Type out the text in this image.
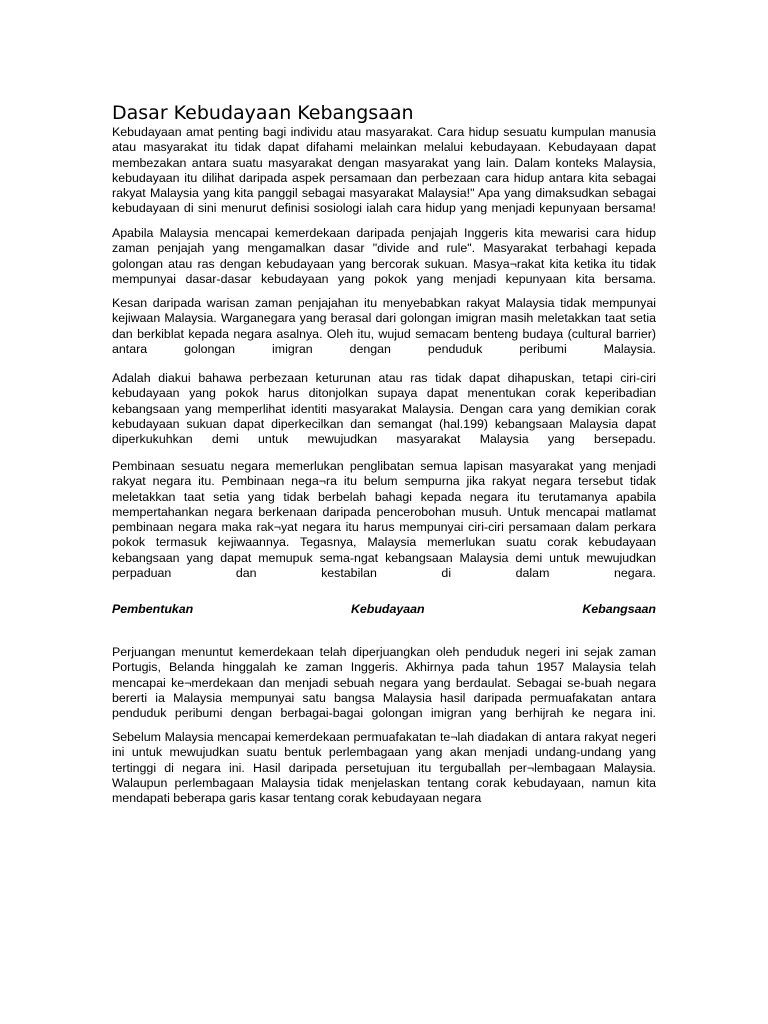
Dasar Kebudayaan Kebangsaan

Kebudayaan amat penting bagi individu atau masyarakat. Cara hidup sesuatu kumpulan manusia atau masyarakat itu tidak dapat difahami melainkan melalui kebudayaan. Kebudayaan dapat membezakan antara suatu masyarakat dengan masyarakat yang lain. Dalam konteks Malaysia, kebudayaan itu dilihat daripada aspek persamaan dan perbezaan cara hidup antara kita sebagai rakyat Malaysia yang kita panggil sebagai masyarakat Malaysia!" Apa yang dimaksudkan sebagai kebudayaan di sini menurut definisi sosiologi ialah cara hidup yang menjadi kepunyaan bersama!

Apabila Malaysia mencapai kemerdekaan daripada penjajah Inggeris kita mewarisi cara hidup zaman penjajah yang mengamalkan dasar "divide and rule". Masyarakat terbahagi kepada golongan atau ras dengan kebudayaan yang bercorak sukuan. Masya¬rakat kita ketika itu tidak mempunyai dasar-dasar kebudayaan yang pokok yang menjadi kepunyaan kita bersama.

Kesan daripada warisan zaman penjajahan itu menyebabkan rakyat Malaysia tidak mempunyai kejiwaan Malaysia. Warganegara yang berasal dari golongan imigran masih meletakkan taat setia dan berkiblat kepada negara asalnya. Oleh itu, wujud semacam benteng budaya (cultural barrier) antara golongan imigran dengan penduduk peribumi Malaysia.

Adalah diakui bahawa perbezaan keturunan atau ras tidak dapat dihapuskan, tetapi ciri-ciri kebudayaan yang pokok harus ditonjolkan supaya dapat menentukan corak keperibadian kebangsaan yang memperlihat identiti masyarakat Malaysia. Dengan cara yang demikian corak kebudayaan sukuan dapat diperkecilkan dan semangat (hal.199) kebangsaan Malaysia dapat diperkukuhkan demi untuk mewujudkan masyarakat Malaysia yang bersepadu.

Pembinaan sesuatu negara memerlukan penglibatan semua lapisan masyarakat yang menjadi rakyat negara itu. Pembinaan nega¬ra itu belum sempurna jika rakyat negara tersebut tidak meletakkan taat setia yang tidak berbelah bahagi kepada negara itu terutamanya apabila mempertahankan negara berkenaan daripada pencerobohan musuh. Untuk mencapai matlamat pembinaan negara maka rak¬yat negara itu harus mempunyai ciri-ciri persamaan dalam perkara pokok termasuk kejiwaannya. Tegasnya, Malaysia memerlukan suatu corak kebudayaan kebangsaan yang dapat memupuk sema-ngat kebangsaan Malaysia demi untuk mewujudkan perpaduan dan kestabilan di dalam negara.

Pembentukan	Kebudayaan	Kebangsaan

Perjuangan menuntut kemerdekaan telah diperjuangkan oleh penduduk negeri ini sejak zaman Portugis, Belanda hinggalah ke zaman Inggeris. Akhirnya pada tahun 1957 Malaysia telah mencapai ke¬merdekaan dan menjadi sebuah negara yang berdaulat. Sebagai se-buah negara bererti ia Malaysia mempunyai satu bangsa Malaysia hasil daripada permuafakatan antara penduduk peribumi dengan berbagai-bagai golongan imigran yang berhijrah ke negara ini.

Sebelum Malaysia mencapai kemerdekaan permuafakatan te¬lah diadakan di antara rakyat negeri ini untuk mewujudkan suatu bentuk perlembagaan yang akan menjadi undang-undang yang tertinggi di negara ini. Hasil daripada persetujuan itu terguballah per¬lembagaan Malaysia. Walaupun perlembagaan Malaysia tidak menjelaskan tentang corak kebudayaan, namun kita mendapati beberapa garis kasar tentang corak kebudayaan negara
